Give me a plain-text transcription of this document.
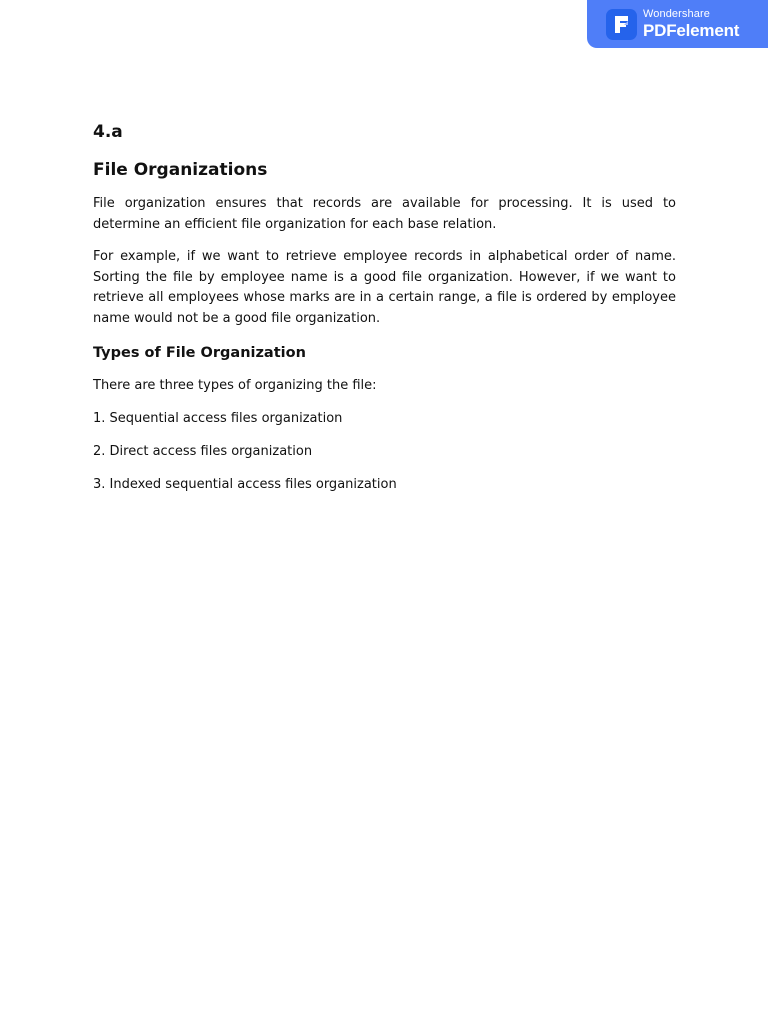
Wondershare
PDFelement
4.a
File Organizations

File organization ensures that records are available for processing. It is used to determine an efficient file organization for each base relation.

For example, if we want to retrieve employee records in alphabetical order of name. Sorting the file by employee name is a good file organization. However, if we want to retrieve all employees whose marks are in a certain range, a file is ordered by employee name would not be a good file organization.

Types of File Organization

There are three types of organizing the file:

1. Sequential access files organization
2. Direct access files organization
3. Indexed sequential access files organization
